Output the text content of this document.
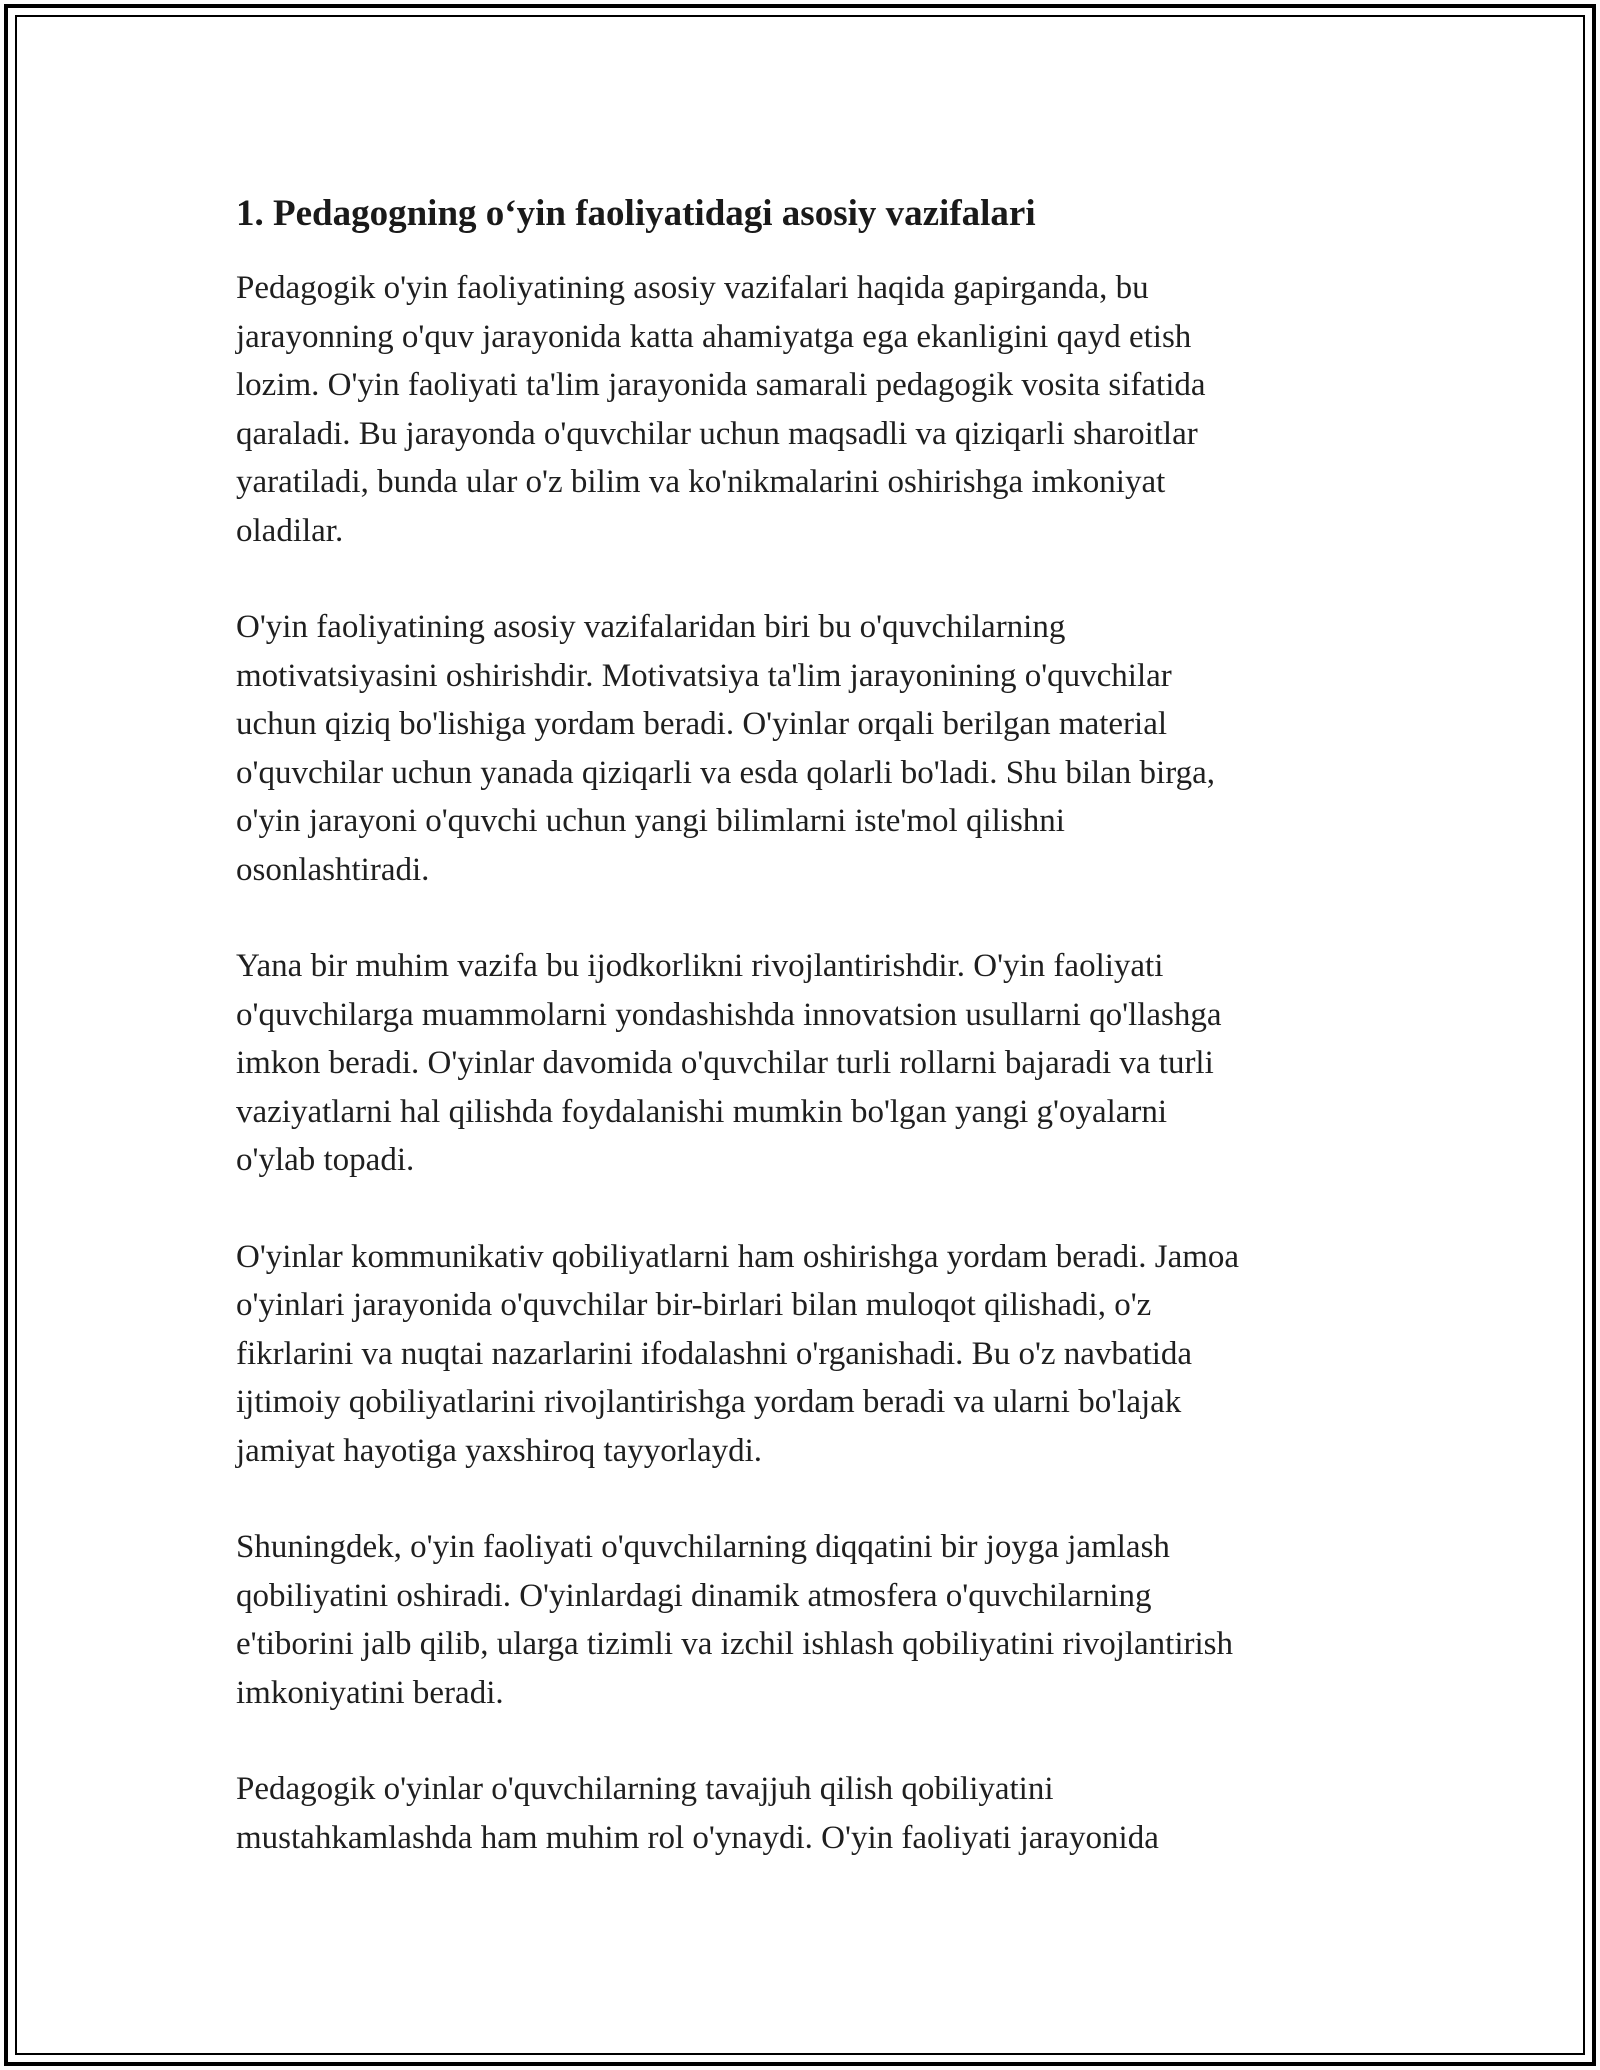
1. Pedagogning o‘yin faoliyatidagi asosiy vazifalari

Pedagogik o'yin faoliyatining asosiy vazifalari haqida gapirganda, bu
jarayonning o'quv jarayonida katta ahamiyatga ega ekanligini qayd etish
lozim. O'yin faoliyati ta'lim jarayonida samarali pedagogik vosita sifatida
qaraladi. Bu jarayonda o'quvchilar uchun maqsadli va qiziqarli sharoitlar
yaratiladi, bunda ular o'z bilim va ko'nikmalarini oshirishga imkoniyat
oladilar.

O'yin faoliyatining asosiy vazifalaridan biri bu o'quvchilarning
motivatsiyasini oshirishdir. Motivatsiya ta'lim jarayonining o'quvchilar
uchun qiziq bo'lishiga yordam beradi. O'yinlar orqali berilgan material
o'quvchilar uchun yanada qiziqarli va esda qolarli bo'ladi. Shu bilan birga,
o'yin jarayoni o'quvchi uchun yangi bilimlarni iste'mol qilishni
osonlashtiradi.

Yana bir muhim vazifa bu ijodkorlikni rivojlantirishdir. O'yin faoliyati
o'quvchilarga muammolarni yondashishda innovatsion usullarni qo'llashga
imkon beradi. O'yinlar davomida o'quvchilar turli rollarni bajaradi va turli
vaziyatlarni hal qilishda foydalanishi mumkin bo'lgan yangi g'oyalarni
o'ylab topadi.

O'yinlar kommunikativ qobiliyatlarni ham oshirishga yordam beradi. Jamoa
o'yinlari jarayonida o'quvchilar bir-birlari bilan muloqot qilishadi, o'z
fikrlarini va nuqtai nazarlarini ifodalashni o'rganishadi. Bu o'z navbatida
ijtimoiy qobiliyatlarini rivojlantirishga yordam beradi va ularni bo'lajak
jamiyat hayotiga yaxshiroq tayyorlaydi.

Shuningdek, o'yin faoliyati o'quvchilarning diqqatini bir joyga jamlash
qobiliyatini oshiradi. O'yinlardagi dinamik atmosfera o'quvchilarning
e'tiborini jalb qilib, ularga tizimli va izchil ishlash qobiliyatini rivojlantirish
imkoniyatini beradi.

Pedagogik o'yinlar o'quvchilarning tavajjuh qilish qobiliyatini
mustahkamlashda ham muhim rol o'ynaydi. O'yin faoliyati jarayonida
